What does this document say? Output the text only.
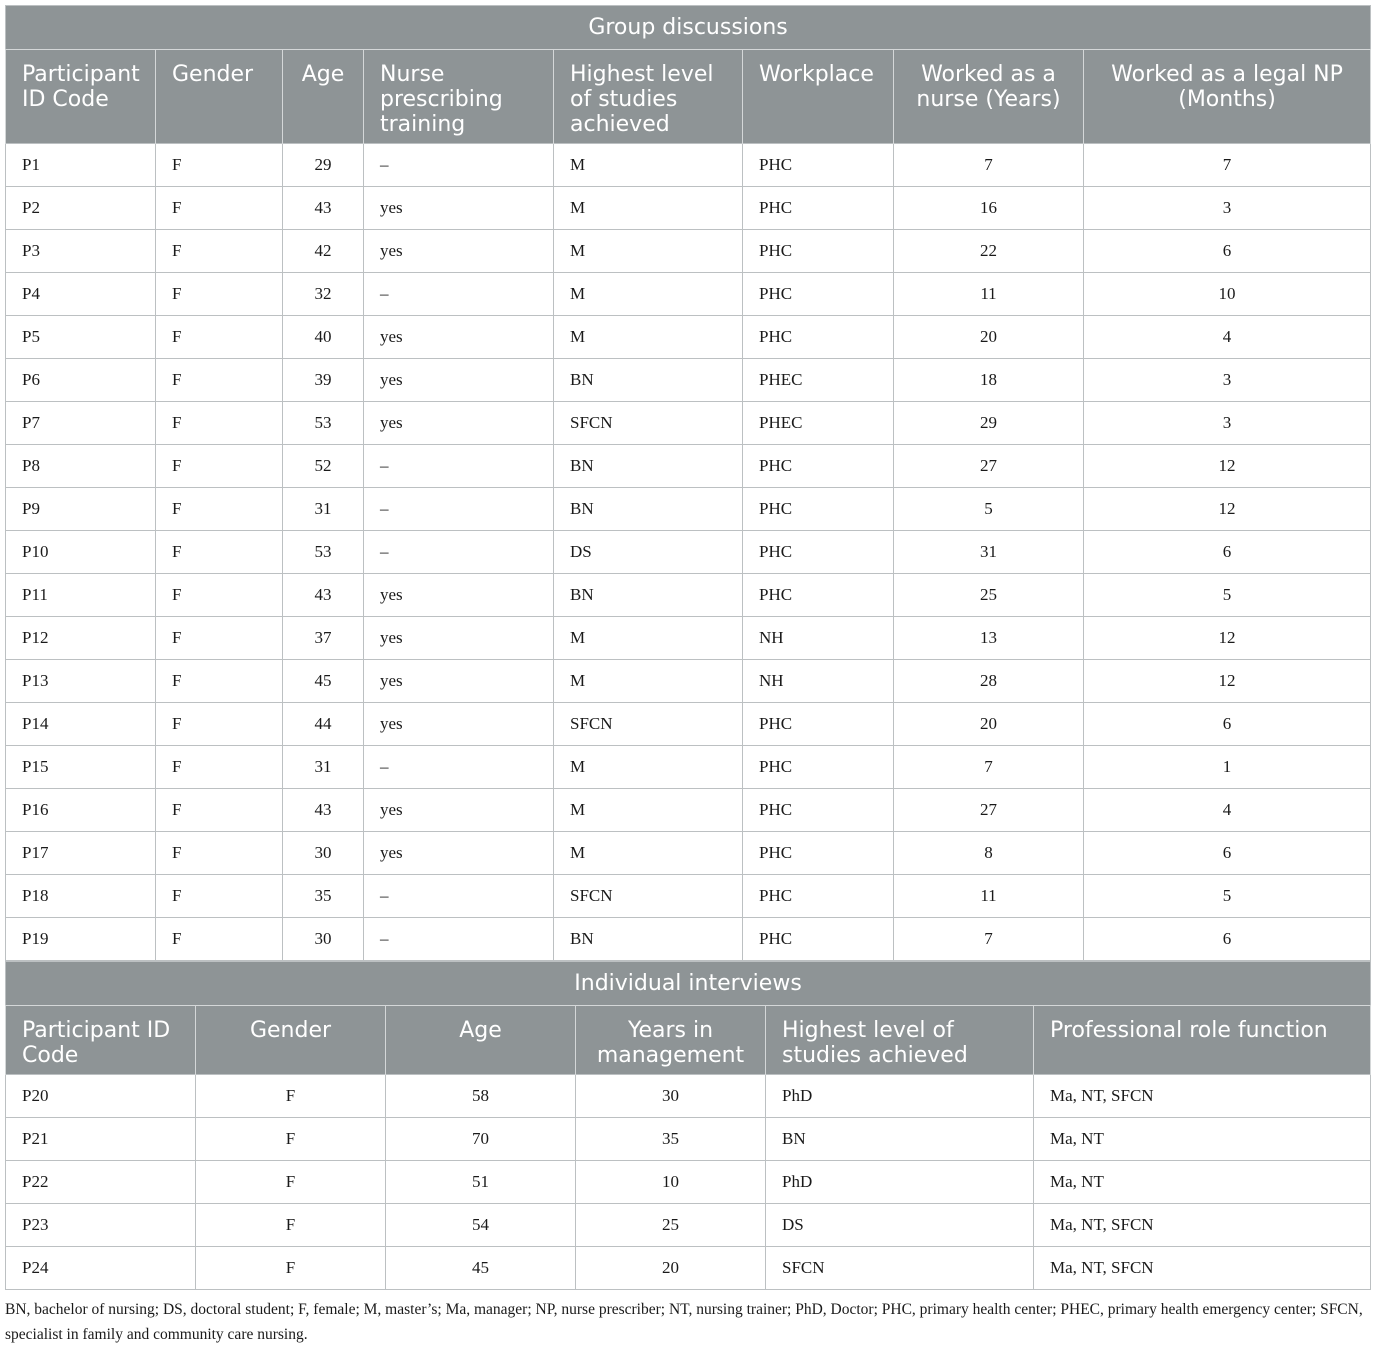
Group discussions							
Participant ID Code	Gender	Age	Nurse prescribing training	Highest level of studies achieved	Workplace	Worked as a nurse (Years)	Worked as a legal NP (Months)
P1	F	29	–	M	PHC	7	7
P2	F	43	yes	M	PHC	16	3
P3	F	42	yes	M	PHC	22	6
P4	F	32	–	M	PHC	11	10
P5	F	40	yes	M	PHC	20	4
P6	F	39	yes	BN	PHEC	18	3
P7	F	53	yes	SFCN	PHEC	29	3
P8	F	52	–	BN	PHC	27	12
P9	F	31	–	BN	PHC	5	12
P10	F	53	–	DS	PHC	31	6
P11	F	43	yes	BN	PHC	25	5
P12	F	37	yes	M	NH	13	12
P13	F	45	yes	M	NH	28	12
P14	F	44	yes	SFCN	PHC	20	6
P15	F	31	–	M	PHC	7	1
P16	F	43	yes	M	PHC	27	4
P17	F	30	yes	M	PHC	8	6
P18	F	35	–	SFCN	PHC	11	5
P19	F	30	–	BN	PHC	7	6
Individual interviews					
Participant ID Code	Gender	Age	Years in management	Highest level of studies achieved	Professional role function
P20	F	58	30	PhD	Ma, NT, SFCN
P21	F	70	35	BN	Ma, NT
P22	F	51	10	PhD	Ma, NT
P23	F	54	25	DS	Ma, NT, SFCN
P24	F	45	20	SFCN	Ma, NT, SFCN
BN, bachelor of nursing; DS, doctoral student; F, female; M, master’s; Ma, manager; NP, nurse prescriber; NT, nursing trainer; PhD, Doctor; PHC, primary health center; PHEC, primary health emergency center; SFCN, specialist in family and community care nursing.
